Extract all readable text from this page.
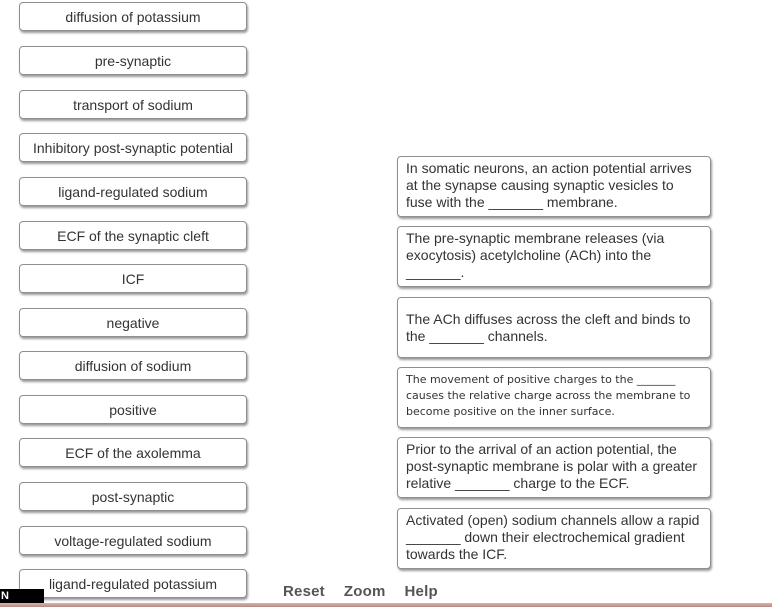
diffusion of potassium
pre-synaptic
transport of sodium
Inhibitory post-synaptic potential
ligand-regulated sodium
ECF of the synaptic cleft
ICF
negative
diffusion of sodium
positive
ECF of the axolemma
post-synaptic
voltage-regulated sodium
ligand-regulated potassium
In somatic neurons, an action potential arrives at the synapse causing synaptic vesicles to fuse with the _______ membrane.
The pre-synaptic membrane releases (via exocytosis) acetylcholine (ACh) into the _______.
The ACh diffuses across the cleft and binds to the _______ channels.
The movement of positive charges to the _______ causes the relative charge across the membrane to become positive on the inner surface.
Prior to the arrival of an action potential, the post-synaptic membrane is polar with a greater relative _______ charge to the ECF.
Activated (open) sodium channels allow a rapid _______ down their electrochemical gradient towards the ICF.
Reset Zoom Help
N
